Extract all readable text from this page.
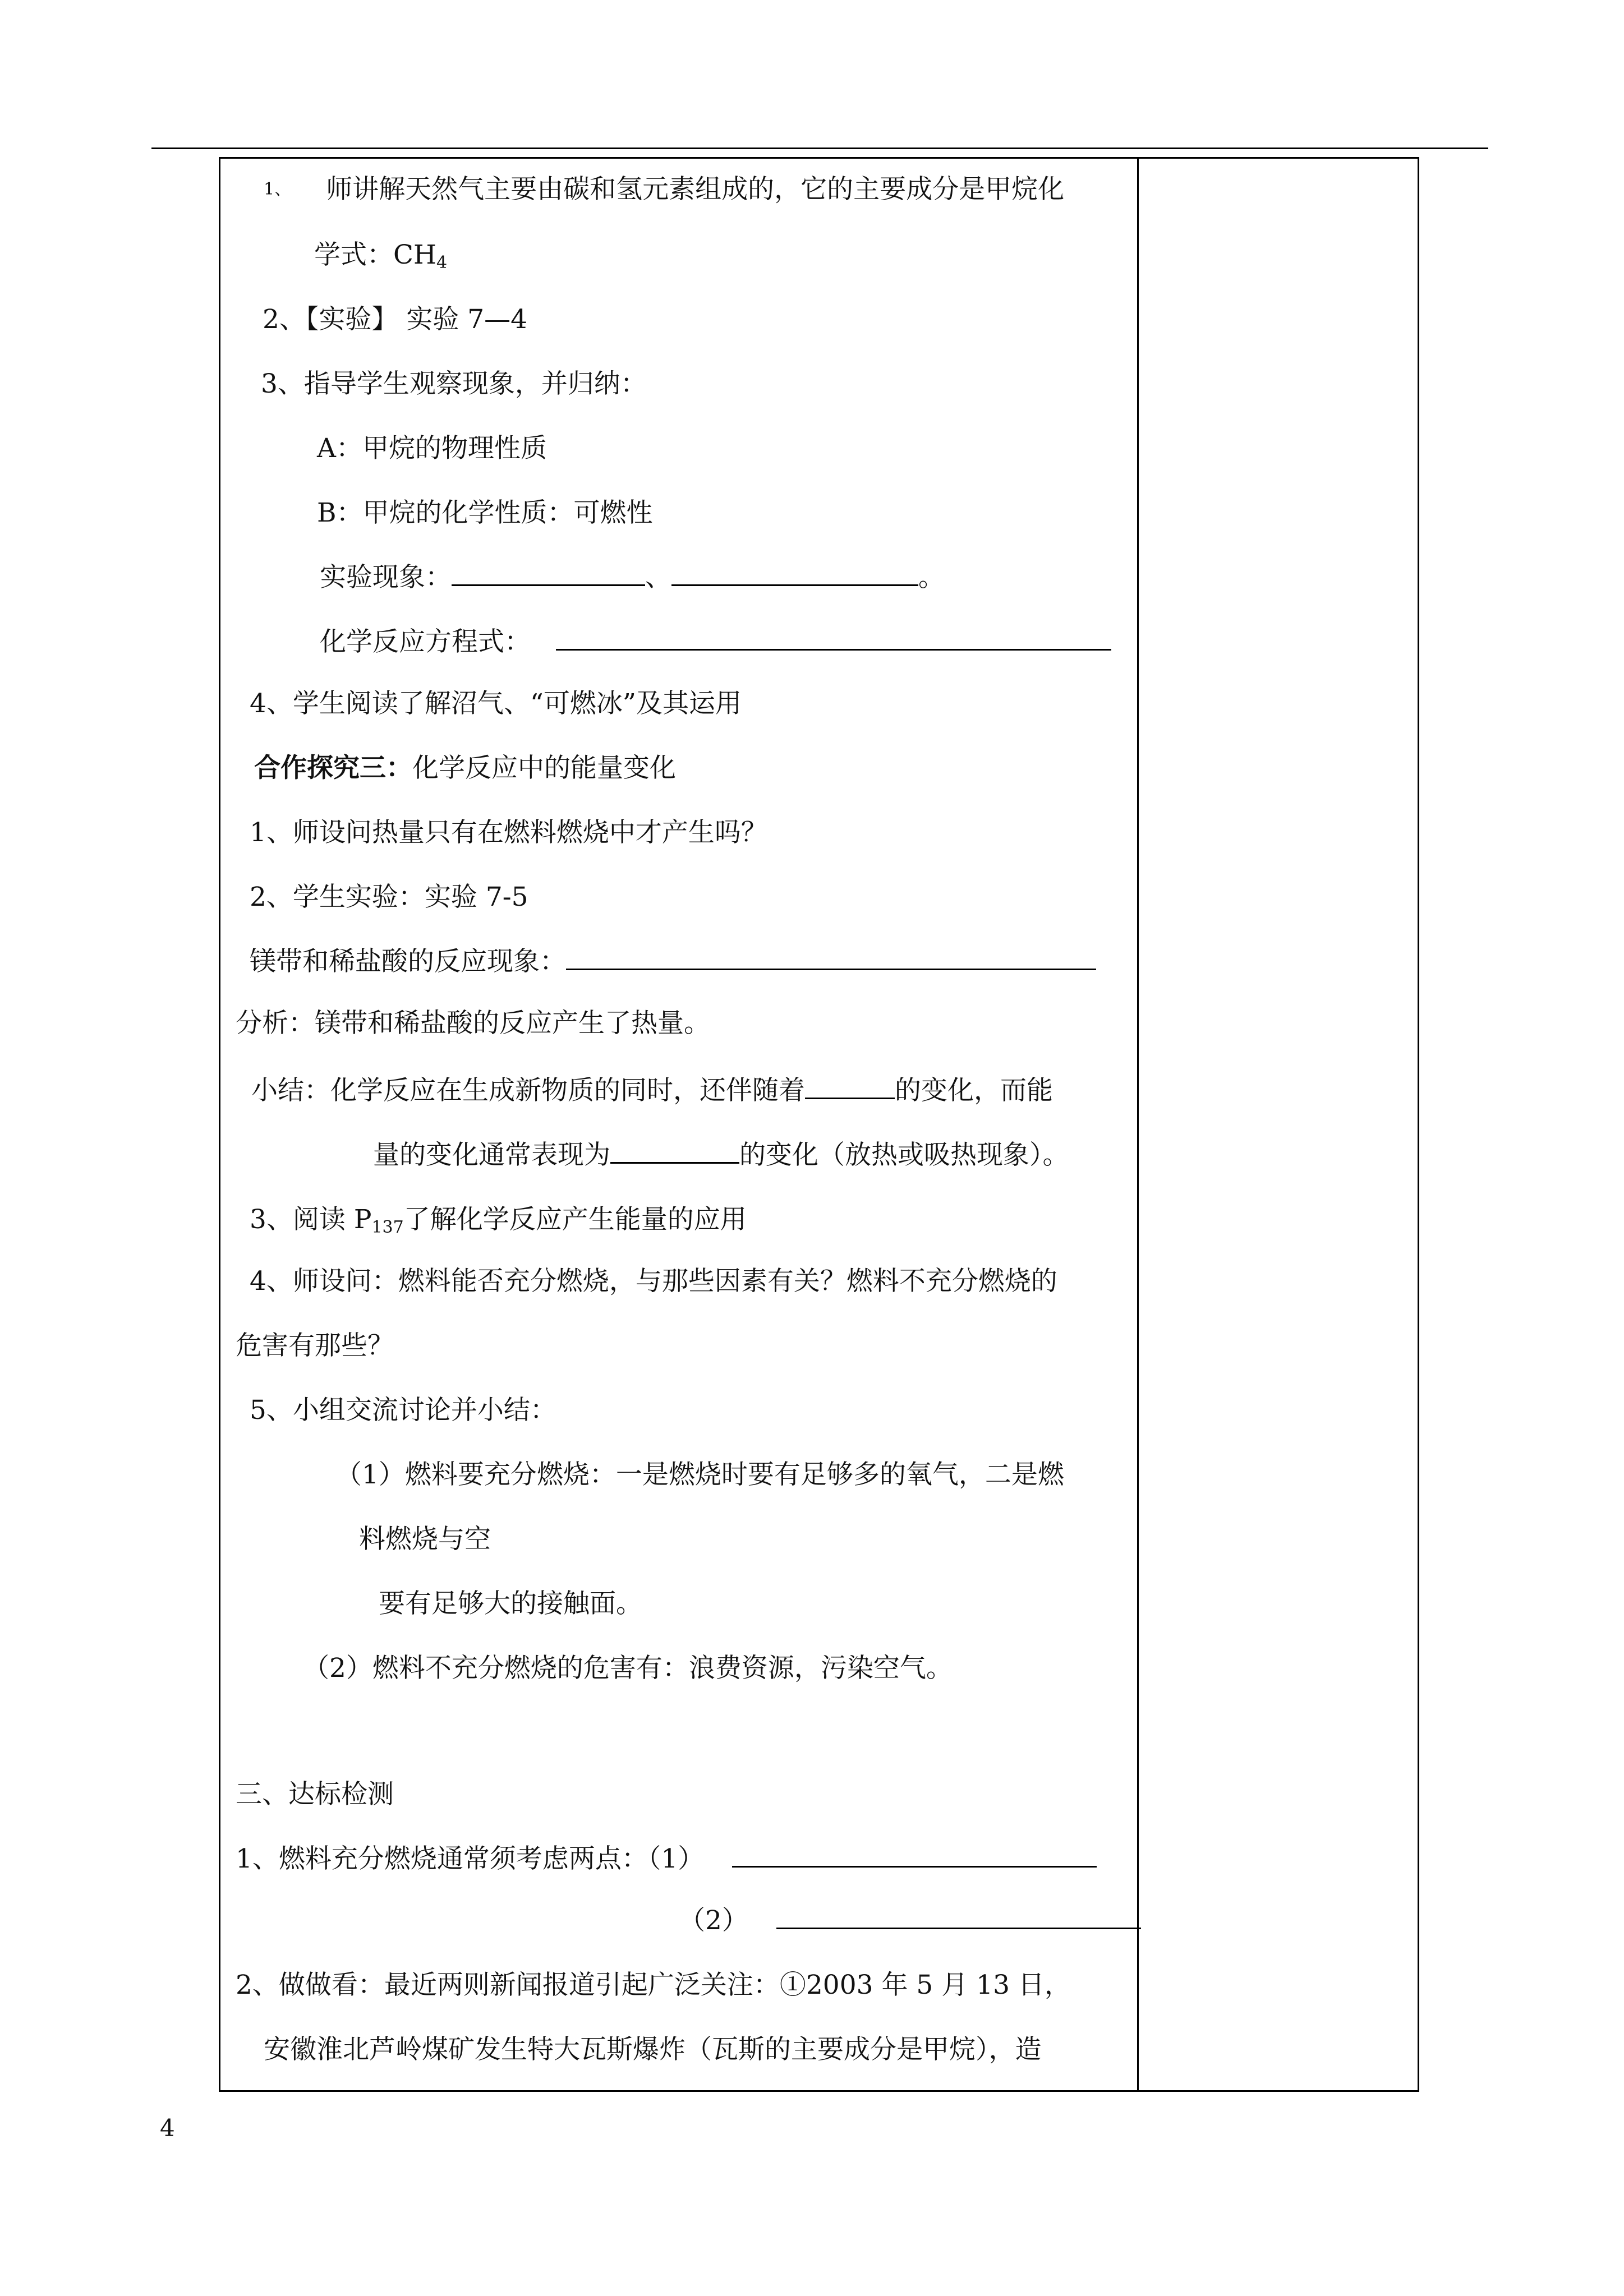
1、 师讲解天然气主要由碳和氢元素组成的，它的主要成分是甲烷化
学式：CH4
2、【实验】 实验 7—4
3、指导学生观察现象，并归纳：
A：甲烷的物理性质
B：甲烷的化学性质：可燃性
实验现象：	、	。
化学反应方程式：
4、学生阅读了解沼气、“可燃冰”及其运用
合作探究三：化学反应中的能量变化
1、师设问热量只有在燃料燃烧中才产生吗？
2、学生实验：实验 7-5
镁带和稀盐酸的反应现象：
分析：镁带和稀盐酸的反应产生了热量。
小结：化学反应在生成新物质的同时，还伴随着	的变化，而能
量的变化通常表现为	的变化（放热或吸热现象）。
3、阅读 P137了解化学反应产生能量的应用
4、师设问：燃料能否充分燃烧，与那些因素有关？燃料不充分燃烧的
危害有那些？
5、小组交流讨论并小结：
（1）燃料要充分燃烧：一是燃烧时要有足够多的氧气，二是燃
料燃烧与空
要有足够大的接触面。
（2）燃料不充分燃烧的危害有：浪费资源，污染空气。
三、达标检测
1、燃料充分燃烧通常须考虑两点：（1）
（2）
2、做做看：最近两则新闻报道引起广泛关注：①2003 年 5 月 13 日，
安徽淮北芦岭煤矿发生特大瓦斯爆炸（瓦斯的主要成分是甲烷），造
4
